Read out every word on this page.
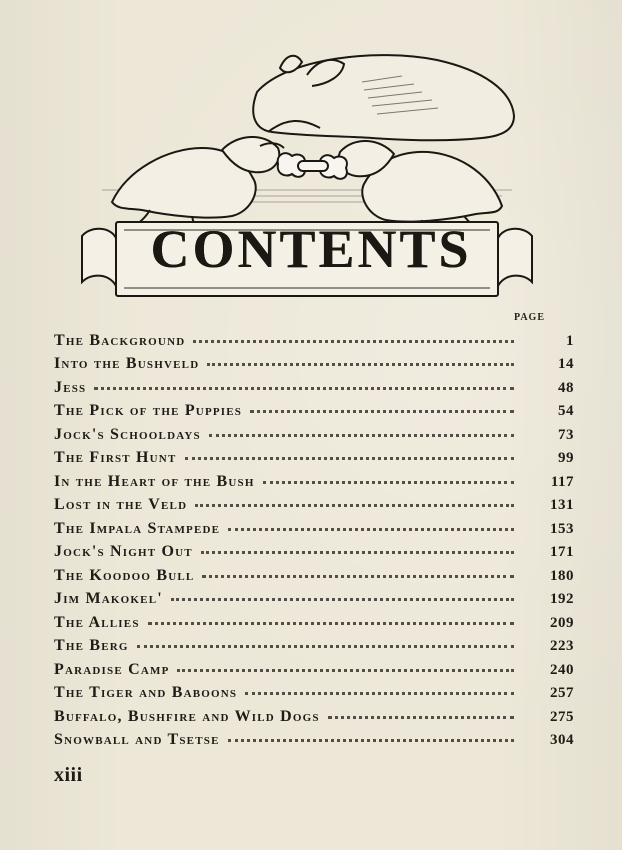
CONTENTS
PAGE
The Background	1
Into the Bushveld	14
Jess	48
The Pick of the Puppies	54
Jock's Schooldays	73
The First Hunt	99
In the Heart of the Bush	117
Lost in the Veld	131
The Impala Stampede	153
Jock's Night Out	171
The Koodoo Bull	180
Jim Makokel'	192
The Allies	209
The Berg	223
Paradise Camp	240
The Tiger and Baboons	257
Buffalo, Bushfire and Wild Dogs	275
Snowball and Tsetse	304
xiii
